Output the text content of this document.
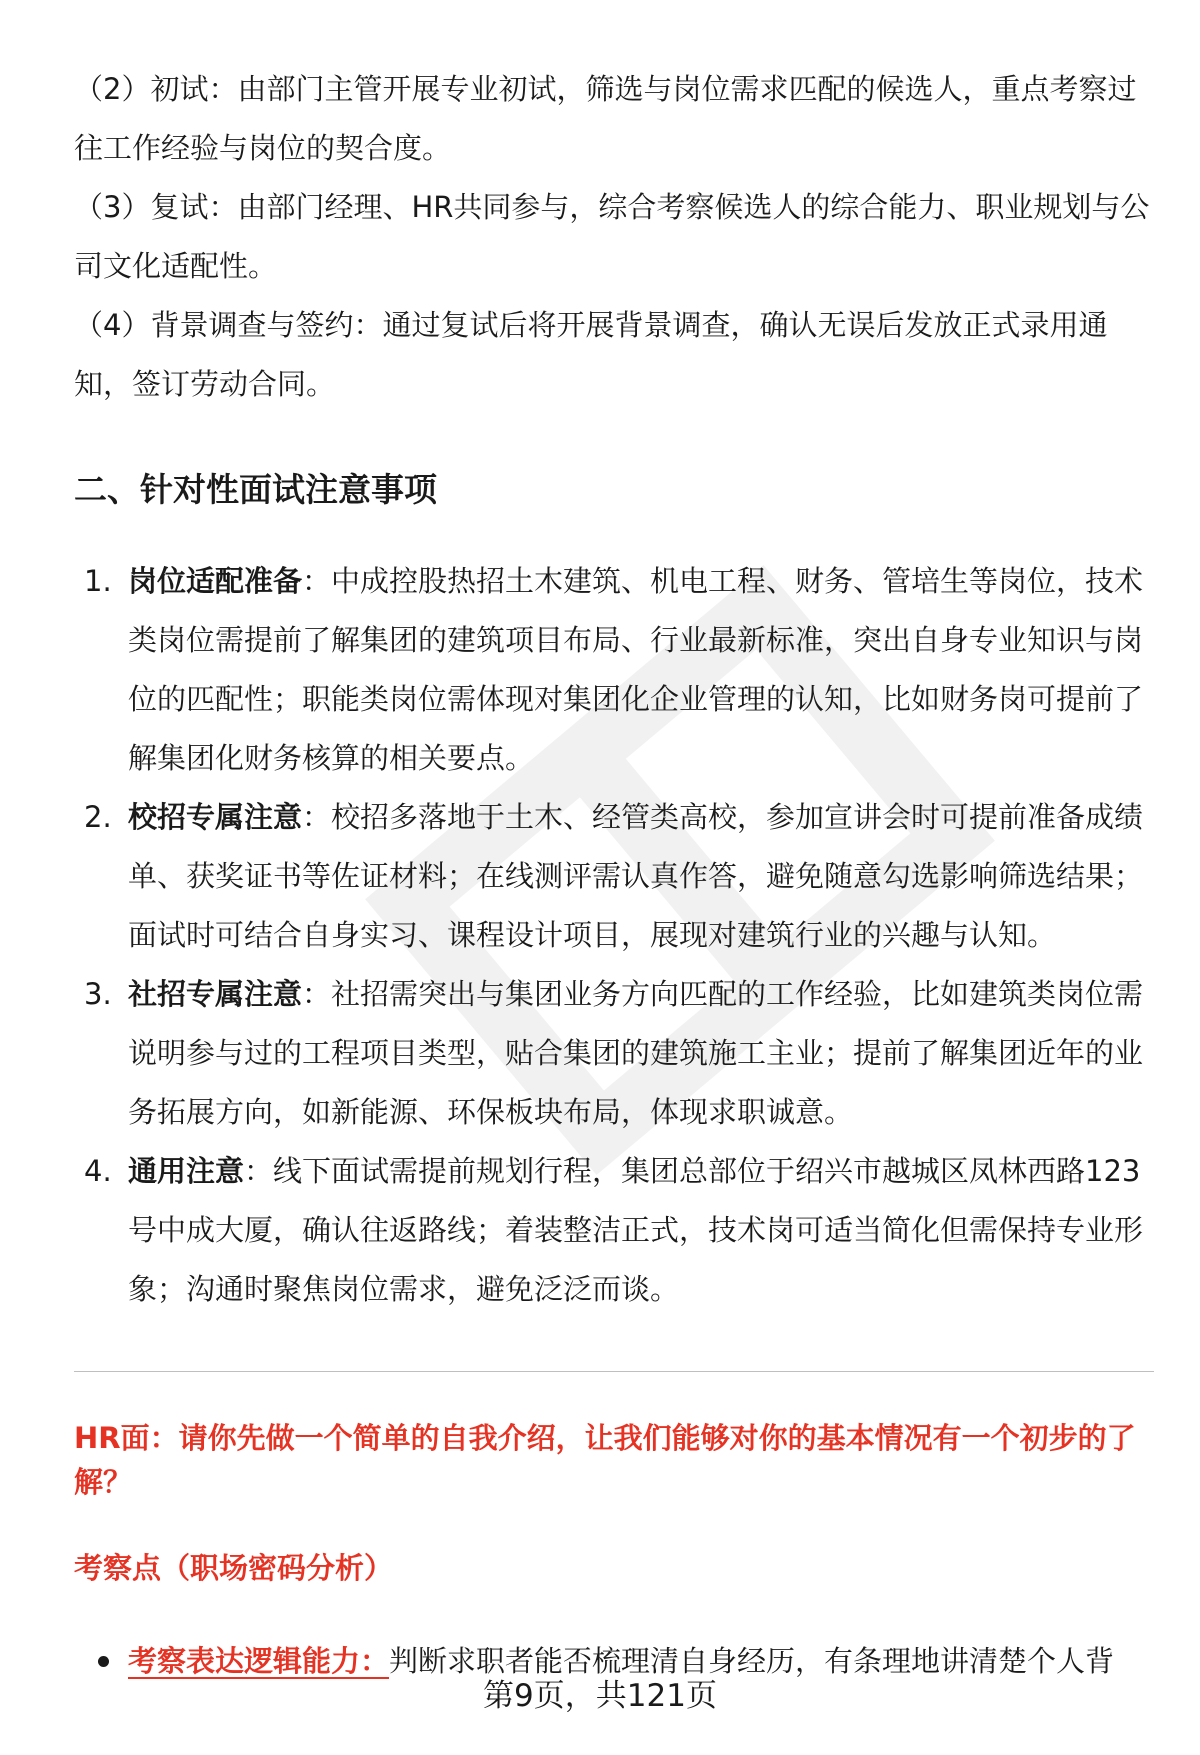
（2）初试：由部门主管开展专业初试，筛选与岗位需求匹配的候选人，重点考察过往工作经验与岗位的契合度。

（3）复试：由部门经理、HR共同参与，综合考察候选人的综合能力、职业规划与公司文化适配性。

（4）背景调查与签约：通过复试后将开展背景调查，确认无误后发放正式录用通知，签订劳动合同。

二、针对性面试注意事项
1. 岗位适配准备：中成控股热招土木建筑、机电工程、财务、管培生等岗位，技术类岗位需提前了解集团的建筑项目布局、行业最新标准，突出自身专业知识与岗位的匹配性；职能类岗位需体现对集团化企业管理的认知，比如财务岗可提前了解集团化财务核算的相关要点。
2. 校招专属注意：校招多落地于土木、经管类高校，参加宣讲会时可提前准备成绩单、获奖证书等佐证材料；在线测评需认真作答，避免随意勾选影响筛选结果；面试时可结合自身实习、课程设计项目，展现对建筑行业的兴趣与认知。
3. 社招专属注意：社招需突出与集团业务方向匹配的工作经验，比如建筑类岗位需说明参与过的工程项目类型，贴合集团的建筑施工主业；提前了解集团近年的业务拓展方向，如新能源、环保板块布局，体现求职诚意。
4. 通用注意：线下面试需提前规划行程，集团总部位于绍兴市越城区凤林西路123号中成大厦，确认往返路线；着装整洁正式，技术岗可适当简化但需保持专业形象；沟通时聚焦岗位需求，避免泛泛而谈。

HR面：请你先做一个简单的自我介绍，让我们能够对你的基本情况有一个初步的了解？

考察点（职场密码分析）

考察表达逻辑能力：判断求职者能否梳理清自身经历，有条理地讲清楚个人背
第9页，共121页
